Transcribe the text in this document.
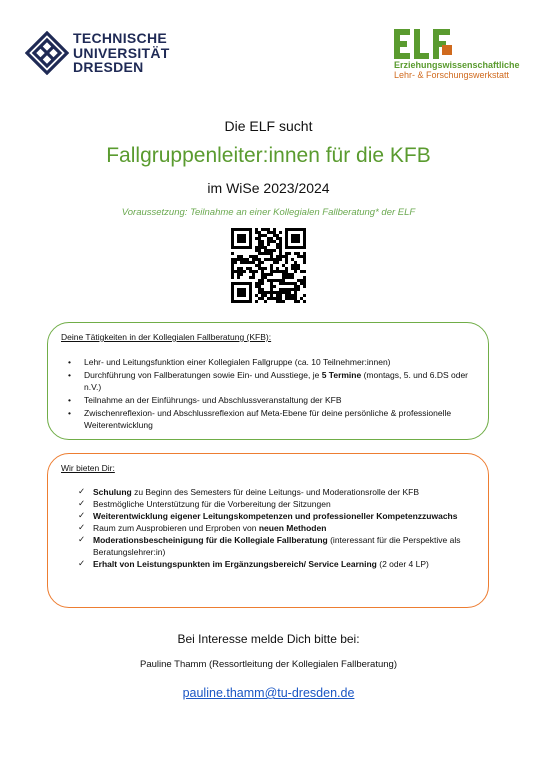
TECHNISCHE
UNIVERSITÄT
DRESDEN	Erziehungswissenschaftliche
Lehr- & Forschungswerkstatt
Die ELF sucht
Fallgruppenleiter:innen für die KFB
im WiSe 2023/2024
Voraussetzung: Teilnahme an einer Kollegialen Fallberatung* der ELF
Deine Tätigkeiten in der Kollegialen Fallberatung (KFB):
• Lehr- und Leitungsfunktion einer Kollegialen Fallgruppe (ca. 10 Teilnehmer:innen)
• Durchführung von Fallberatungen sowie Ein- und Ausstiege, je 5 Termine (montags, 5. und 6.DS oder n.V.)
• Teilnahme an der Einführungs- und Abschlussveranstaltung der KFB
• Zwischenreflexion- und Abschlussreflexion auf Meta-Ebene für deine persönliche & professionelle Weiterentwicklung
Wir bieten Dir:
✓ Schulung zu Beginn des Semesters für deine Leitungs- und Moderationsrolle der KFB
✓ Bestmögliche Unterstützung für die Vorbereitung der Sitzungen
✓ Weiterentwicklung eigener Leitungskompetenzen und professioneller Kompetenzzuwachs
✓ Raum zum Ausprobieren und Erproben von neuen Methoden
✓ Moderationsbescheinigung für die Kollegiale Fallberatung (interessant für die Perspektive als Beratungslehrer:in)
✓ Erhalt von Leistungspunkten im Ergänzungsbereich/ Service Learning (2 oder 4 LP)
Bei Interesse melde Dich bitte bei:
Pauline Thamm (Ressortleitung der Kollegialen Fallberatung)
pauline.thamm@tu-dresden.de
